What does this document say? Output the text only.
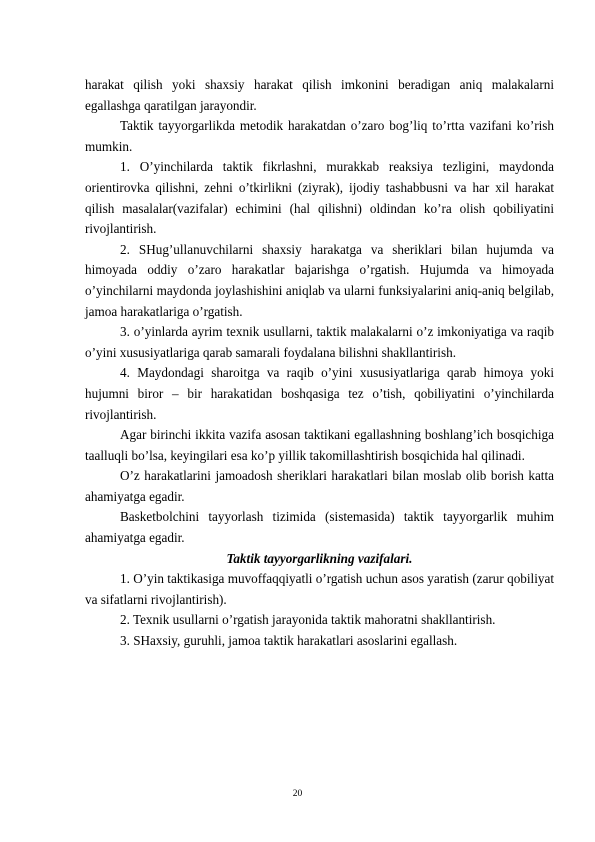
harakat qilish yoki shaxsiy harakat qilish imkonini beradigan aniq malakalarni egallashga qaratilgan jarayondir.

Taktik tayyorgarlikda metodik harakatdan o’zaro bog’liq to’rtta vazifani ko’rish mumkin.

1. O’yinchilarda taktik fikrlashni, murakkab reaksiya tezligini, maydonda orientirovka qilishni, zehni o’tkirlikni (ziyrak), ijodiy tashabbusni va har xil harakat qilish masalalar(vazifalar) echimini (hal qilishni) oldindan ko’ra olish qobiliyatini rivojlantirish.

2. SHug’ullanuvchilarni shaxsiy harakatga va sheriklari bilan hujumda va himoyada oddiy o’zaro harakatlar bajarishga o’rgatish. Hujumda va himoyada o’yinchilarni maydonda joylashishini aniqlab va ularni funksiyalarini aniq-aniq belgilab, jamoa harakatlariga o’rgatish.

3. o’yinlarda ayrim texnik usullarni, taktik malakalarni o’z imkoniyatiga va raqib o’yini xususiyatlariga qarab samarali foydalana bilishni shakllantirish.

4. Maydondagi sharoitga va raqib o’yini xususiyatlariga qarab himoya yoki hujumni biror – bir harakatidan boshqasiga tez o’tish, qobiliyatini o’yinchilarda rivojlantirish.

Agar birinchi ikkita vazifa asosan taktikani egallashning boshlang’ich bosqichiga taalluqli bo’lsa, keyingilari esa ko’p yillik takomillashtirish bosqichida hal qilinadi.

O’z harakatlarini jamoadosh sheriklari harakatlari bilan moslab olib borish katta ahamiyatga egadir.

Basketbolchini tayyorlash tizimida (sistemasida) taktik tayyorgarlik muhim ahamiyatga egadir.

Taktik tayyorgarlikning vazifalari.

1. O’yin taktikasiga muvoffaqqiyatli o’rgatish uchun asos yaratish (zarur qobiliyat va sifatlarni rivojlantirish).

2. Texnik usullarni o’rgatish jarayonida taktik mahoratni shakllantirish.

3. SHaxsiy, guruhli, jamoa taktik harakatlari asoslarini egallash.

20
